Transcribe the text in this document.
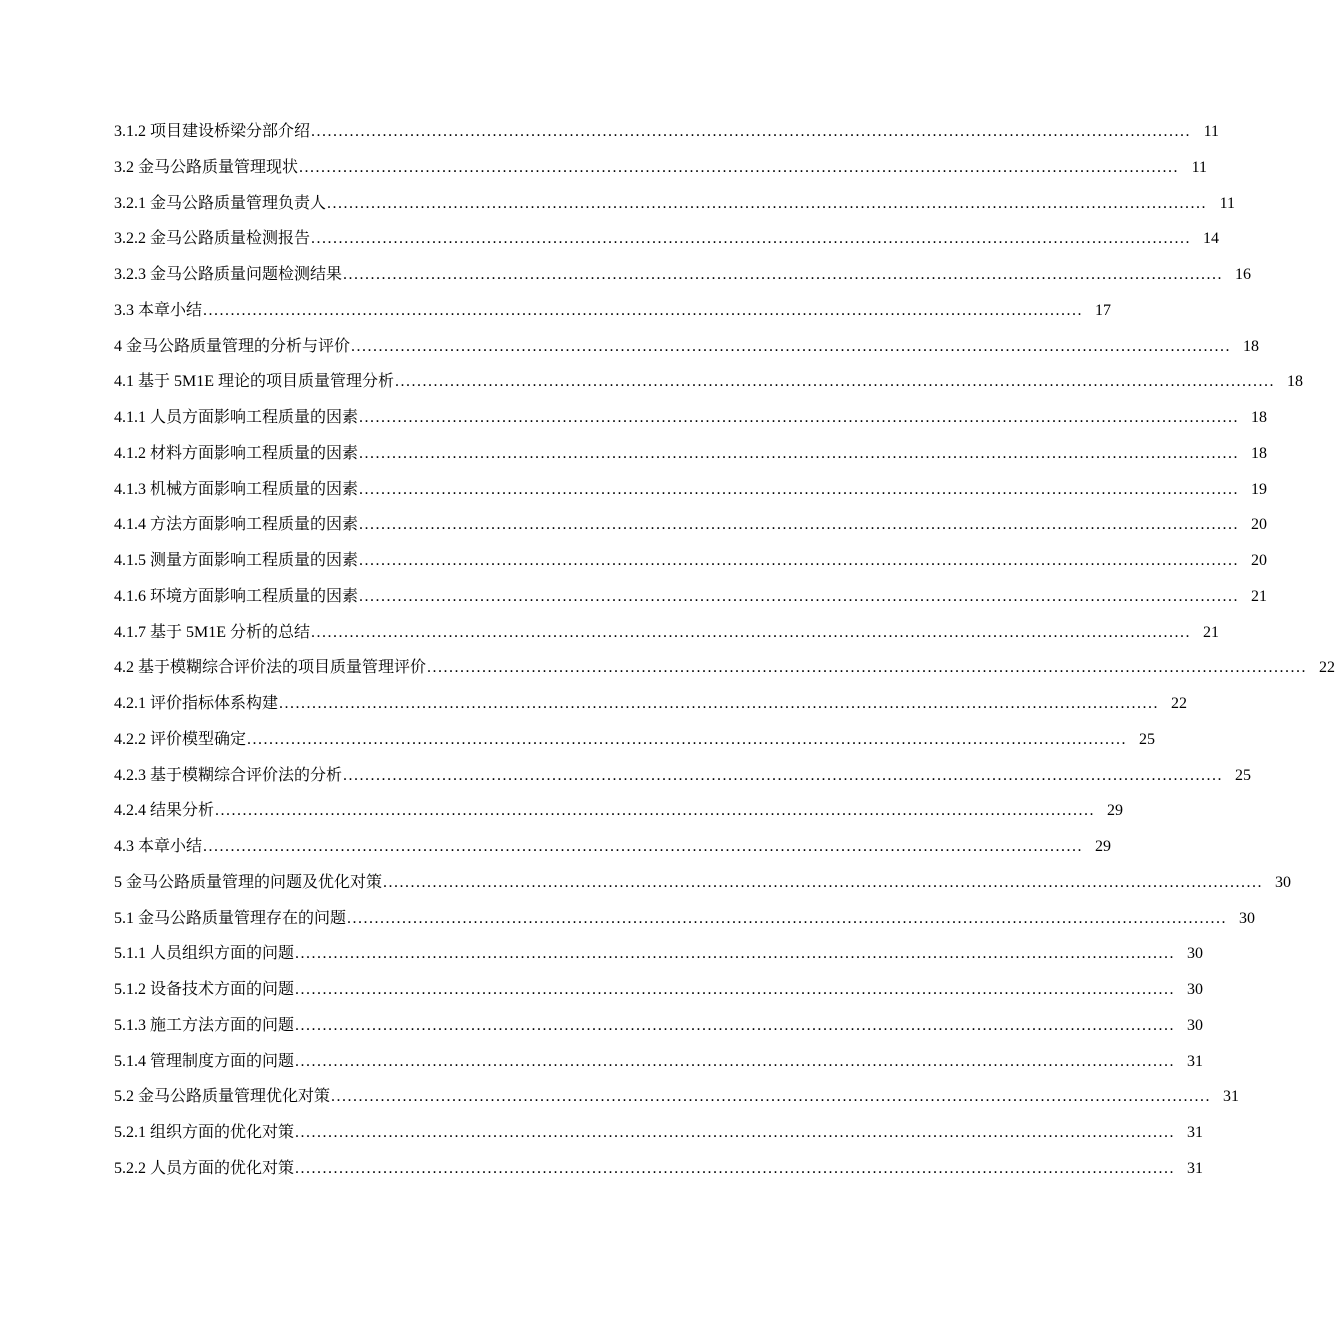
3.1.2 项目建设桥梁分部介绍 ................................................................................................................................................................ 11
3.2 金马公路质量管理现状 ................................................................................................................................................................ 11
3.2.1 金马公路质量管理负责人 ................................................................................................................................................................ 11
3.2.2 金马公路质量检测报告 ................................................................................................................................................................ 14
3.2.3 金马公路质量问题检测结果 ................................................................................................................................................................ 16
3.3 本章小结 ................................................................................................................................................................ 17
4 金马公路质量管理的分析与评价 ................................................................................................................................................................ 18
4.1 基于 5M1E 理论的项目质量管理分析 ................................................................................................................................................................ 18
4.1.1 人员方面影响工程质量的因素 ................................................................................................................................................................ 18
4.1.2 材料方面影响工程质量的因素 ................................................................................................................................................................ 18
4.1.3 机械方面影响工程质量的因素 ................................................................................................................................................................ 19
4.1.4 方法方面影响工程质量的因素 ................................................................................................................................................................ 20
4.1.5 测量方面影响工程质量的因素 ................................................................................................................................................................ 20
4.1.6 环境方面影响工程质量的因素 ................................................................................................................................................................ 21
4.1.7 基于 5M1E 分析的总结 ................................................................................................................................................................ 21
4.2 基于模糊综合评价法的项目质量管理评价 ................................................................................................................................................................ 22
4.2.1 评价指标体系构建 ................................................................................................................................................................ 22
4.2.2 评价模型确定 ................................................................................................................................................................ 25
4.2.3 基于模糊综合评价法的分析 ................................................................................................................................................................ 25
4.2.4 结果分析 ................................................................................................................................................................ 29
4.3 本章小结 ................................................................................................................................................................ 29
5 金马公路质量管理的问题及优化对策 ................................................................................................................................................................ 30
5.1 金马公路质量管理存在的问题 ................................................................................................................................................................ 30
5.1.1 人员组织方面的问题 ................................................................................................................................................................ 30
5.1.2 设备技术方面的问题 ................................................................................................................................................................ 30
5.1.3 施工方法方面的问题 ................................................................................................................................................................ 30
5.1.4 管理制度方面的问题 ................................................................................................................................................................ 31
5.2 金马公路质量管理优化对策 ................................................................................................................................................................ 31
5.2.1 组织方面的优化对策 ................................................................................................................................................................ 31
5.2.2 人员方面的优化对策 ................................................................................................................................................................ 31
